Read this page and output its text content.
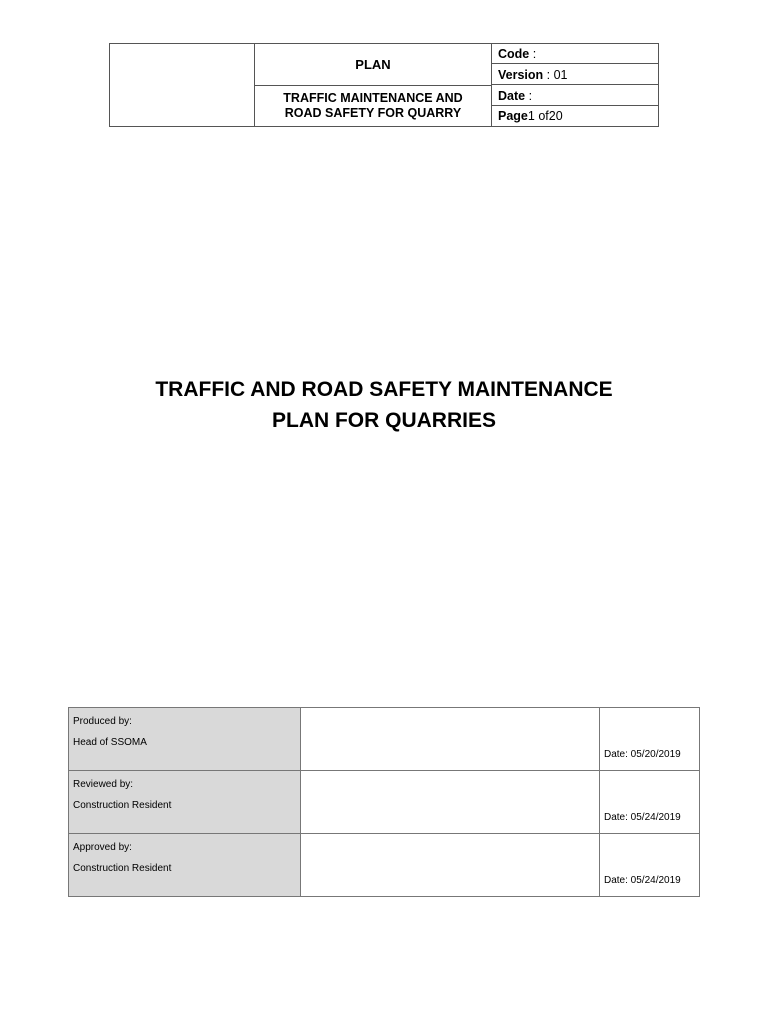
PLAN
TRAFFIC MAINTENANCE AND
ROAD SAFETY FOR QUARRY
Code :
Version : 01
Date :
Page1 of20
TRAFFIC AND ROAD SAFETY MAINTENANCE
PLAN FOR QUARRIES
Produced by:
Head of SSOMA
Date: 05/20/2019
Reviewed by:
Construction Resident
Date: 05/24/2019
Approved by:
Construction Resident
Date: 05/24/2019
